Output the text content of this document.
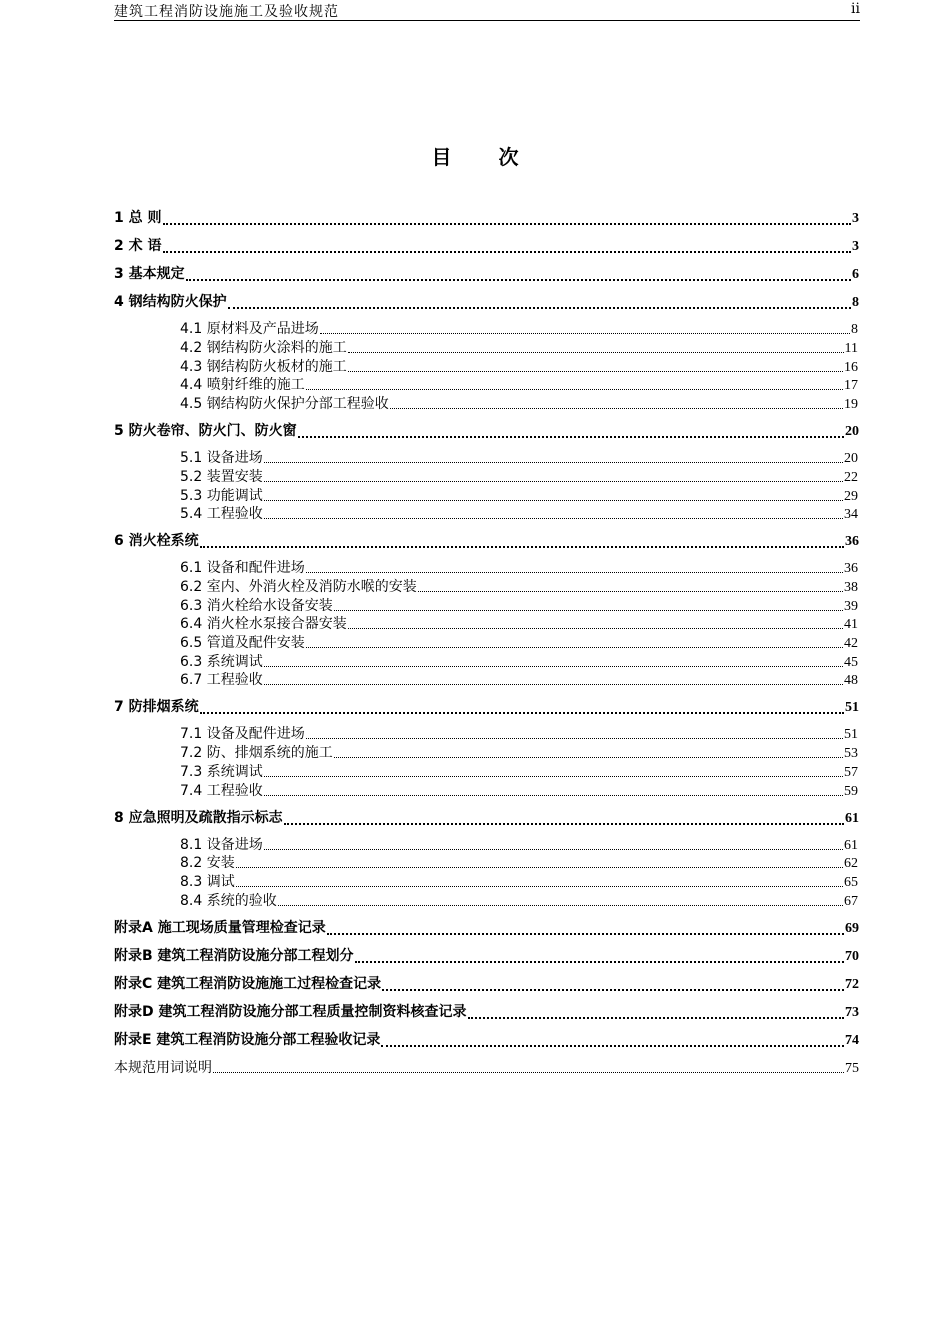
建筑工程消防设施施工及验收规范	ii
目 次
1 总 则	3
2 术 语	3
3 基本规定	6
4 钢结构防火保护	8
4.1 原材料及产品进场	8
4.2 钢结构防火涂料的施工	11
4.3 钢结构防火板材的施工	16
4.4 喷射纤维的施工	17
4.5 钢结构防火保护分部工程验收	19
5 防火卷帘、防火门、防火窗	20
5.1 设备进场	20
5.2 装置安装	22
5.3 功能调试	29
5.4 工程验收	34
6 消火栓系统	36
6.1 设备和配件进场	36
6.2 室内、外消火栓及消防水喉的安装	38
6.3 消火栓给水设备安装	39
6.4 消火栓水泵接合器安装	41
6.5 管道及配件安装	42
6.3 系统调试	45
6.7 工程验收	48
7 防排烟系统	51
7.1 设备及配件进场	51
7.2 防、排烟系统的施工	53
7.3 系统调试	57
7.4 工程验收	59
8 应急照明及疏散指示标志	61
8.1 设备进场	61
8.2 安装	62
8.3 调试	65
8.4 系统的验收	67
附录A 施工现场质量管理检查记录	69
附录B 建筑工程消防设施分部工程划分	70
附录C 建筑工程消防设施施工过程检查记录	72
附录D 建筑工程消防设施分部工程质量控制资料核查记录	73
附录E 建筑工程消防设施分部工程验收记录	74
本规范用词说明	75
